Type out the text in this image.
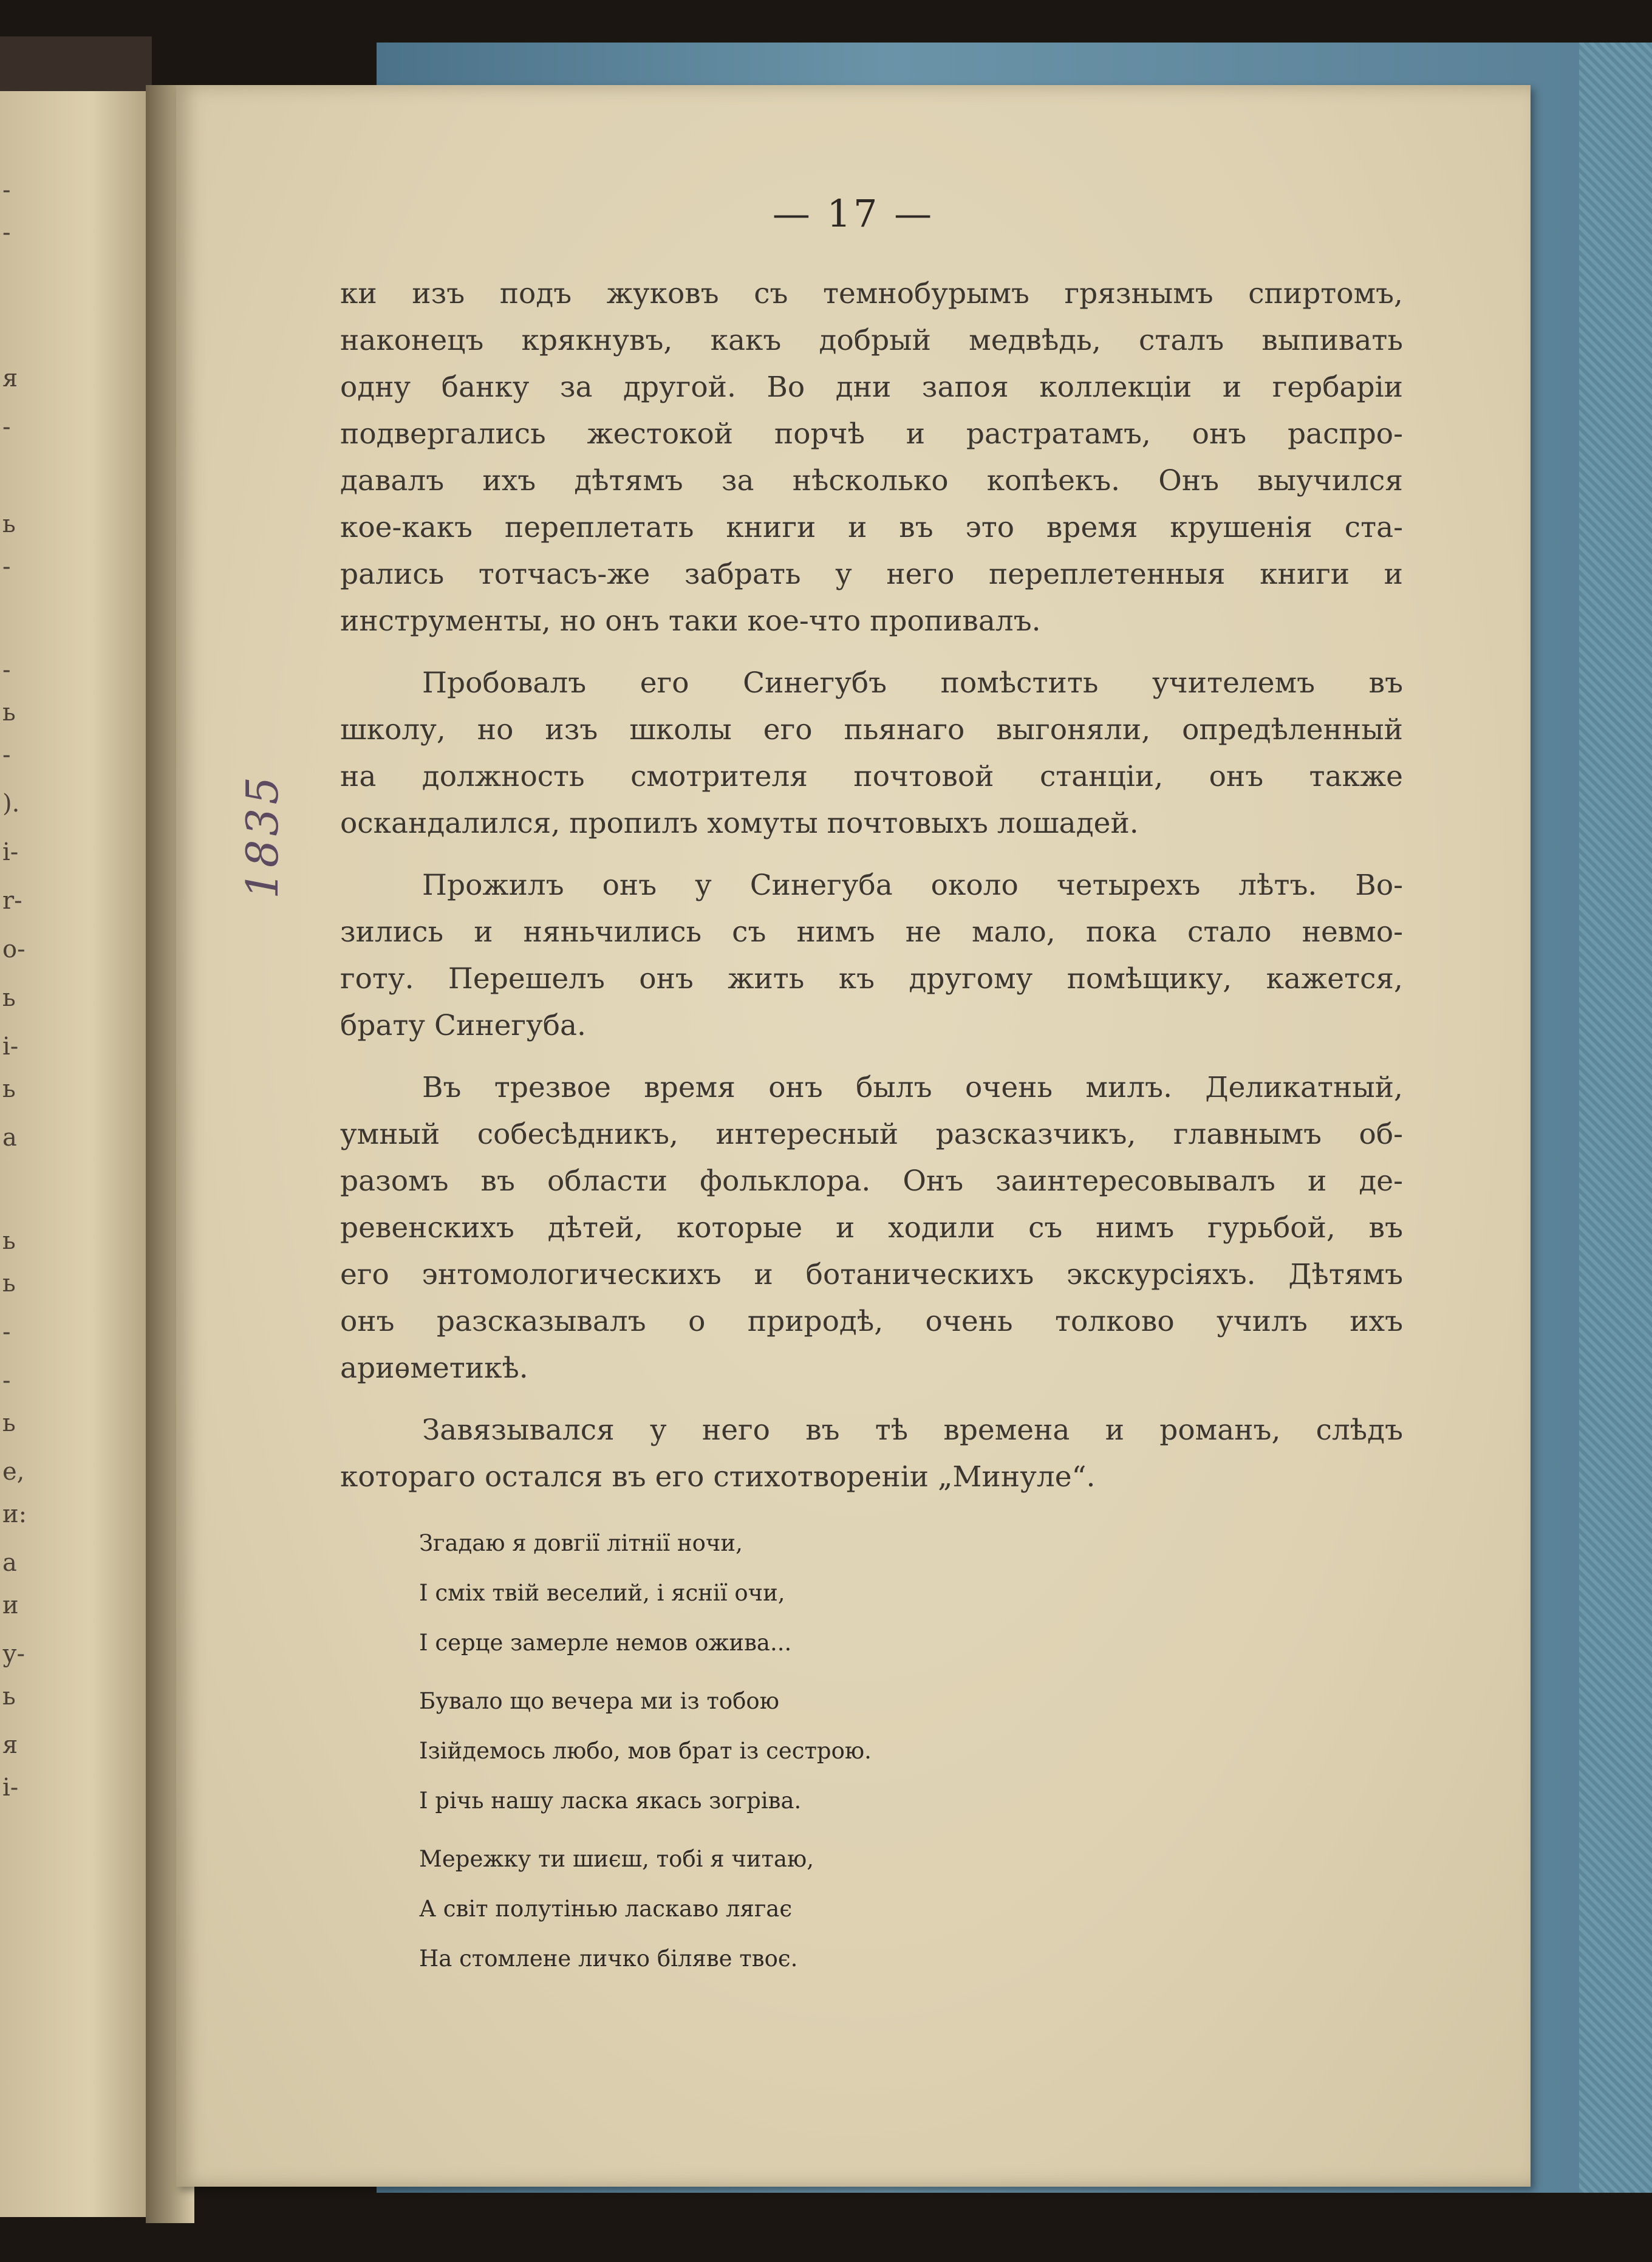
-
-
я
-
ь
-
-
ь
-
).
i-
r-
о-
ь
i-
ь
а
ь
ь
-
-
ь
е,
и:
а
и
у-
ь
я
і-
— 17 —
ки изъ подъ жуковъ съ темнобурымъ грязнымъ спиртомъ,
наконецъ крякнувъ, какъ добрый медвѣдь, сталъ выпивать
одну банку за другой. Во дни запоя коллекціи и гербаріи
подвергались жестокой порчѣ и растратамъ, онъ распро-
давалъ ихъ дѣтямъ за нѣсколько копѣекъ. Онъ выучился
кое-какъ переплетать книги и въ это время крушенія ста-
рались тотчасъ-же забрать у него переплетенныя книги и
инструменты, но онъ таки кое-что пропивалъ.
Пробовалъ его Синегубъ помѣстить учителемъ въ
школу, но изъ школы его пьянаго выгоняли, опредѣленный
на должность смотрителя почтовой станціи, онъ также
оскандалился, пропилъ хомуты почтовыхъ лошадей.
Прожилъ онъ у Синегуба около четырехъ лѣтъ. Во-
зились и няньчились съ нимъ не мало, пока стало невмо-
готу. Перешелъ онъ жить къ другому помѣщику, кажется,
брату Синегуба.
Въ трезвое время онъ былъ очень милъ. Деликатный,
умный собесѣдникъ, интересный разсказчикъ, главнымъ об-
разомъ въ области фольклора. Онъ заинтересовывалъ и де-
ревенскихъ дѣтей, которые и ходили съ нимъ гурьбой, въ
его энтомологическихъ и ботаническихъ экскурсіяхъ. Дѣтямъ
онъ разсказывалъ о природѣ, очень толково училъ ихъ
ариѳметикѣ.
Завязывался у него въ тѣ времена и романъ, слѣдъ
котораго остался въ его стихотвореніи „Минуле“.
Згадаю я довгії літнії ночи,
І сміх твій веселий, і яснії очи,
І серце замерле немов ожива...
Бувало що вечера ми із тобою
Ізійдемось любо, мов брат із сестрою.
І річь нашу ласка якась зогріва.
Мережку ти шиєш, тобі я читаю,
А світ полутінью ласкаво лягає
На стомлене личко біляве твоє.
1835
